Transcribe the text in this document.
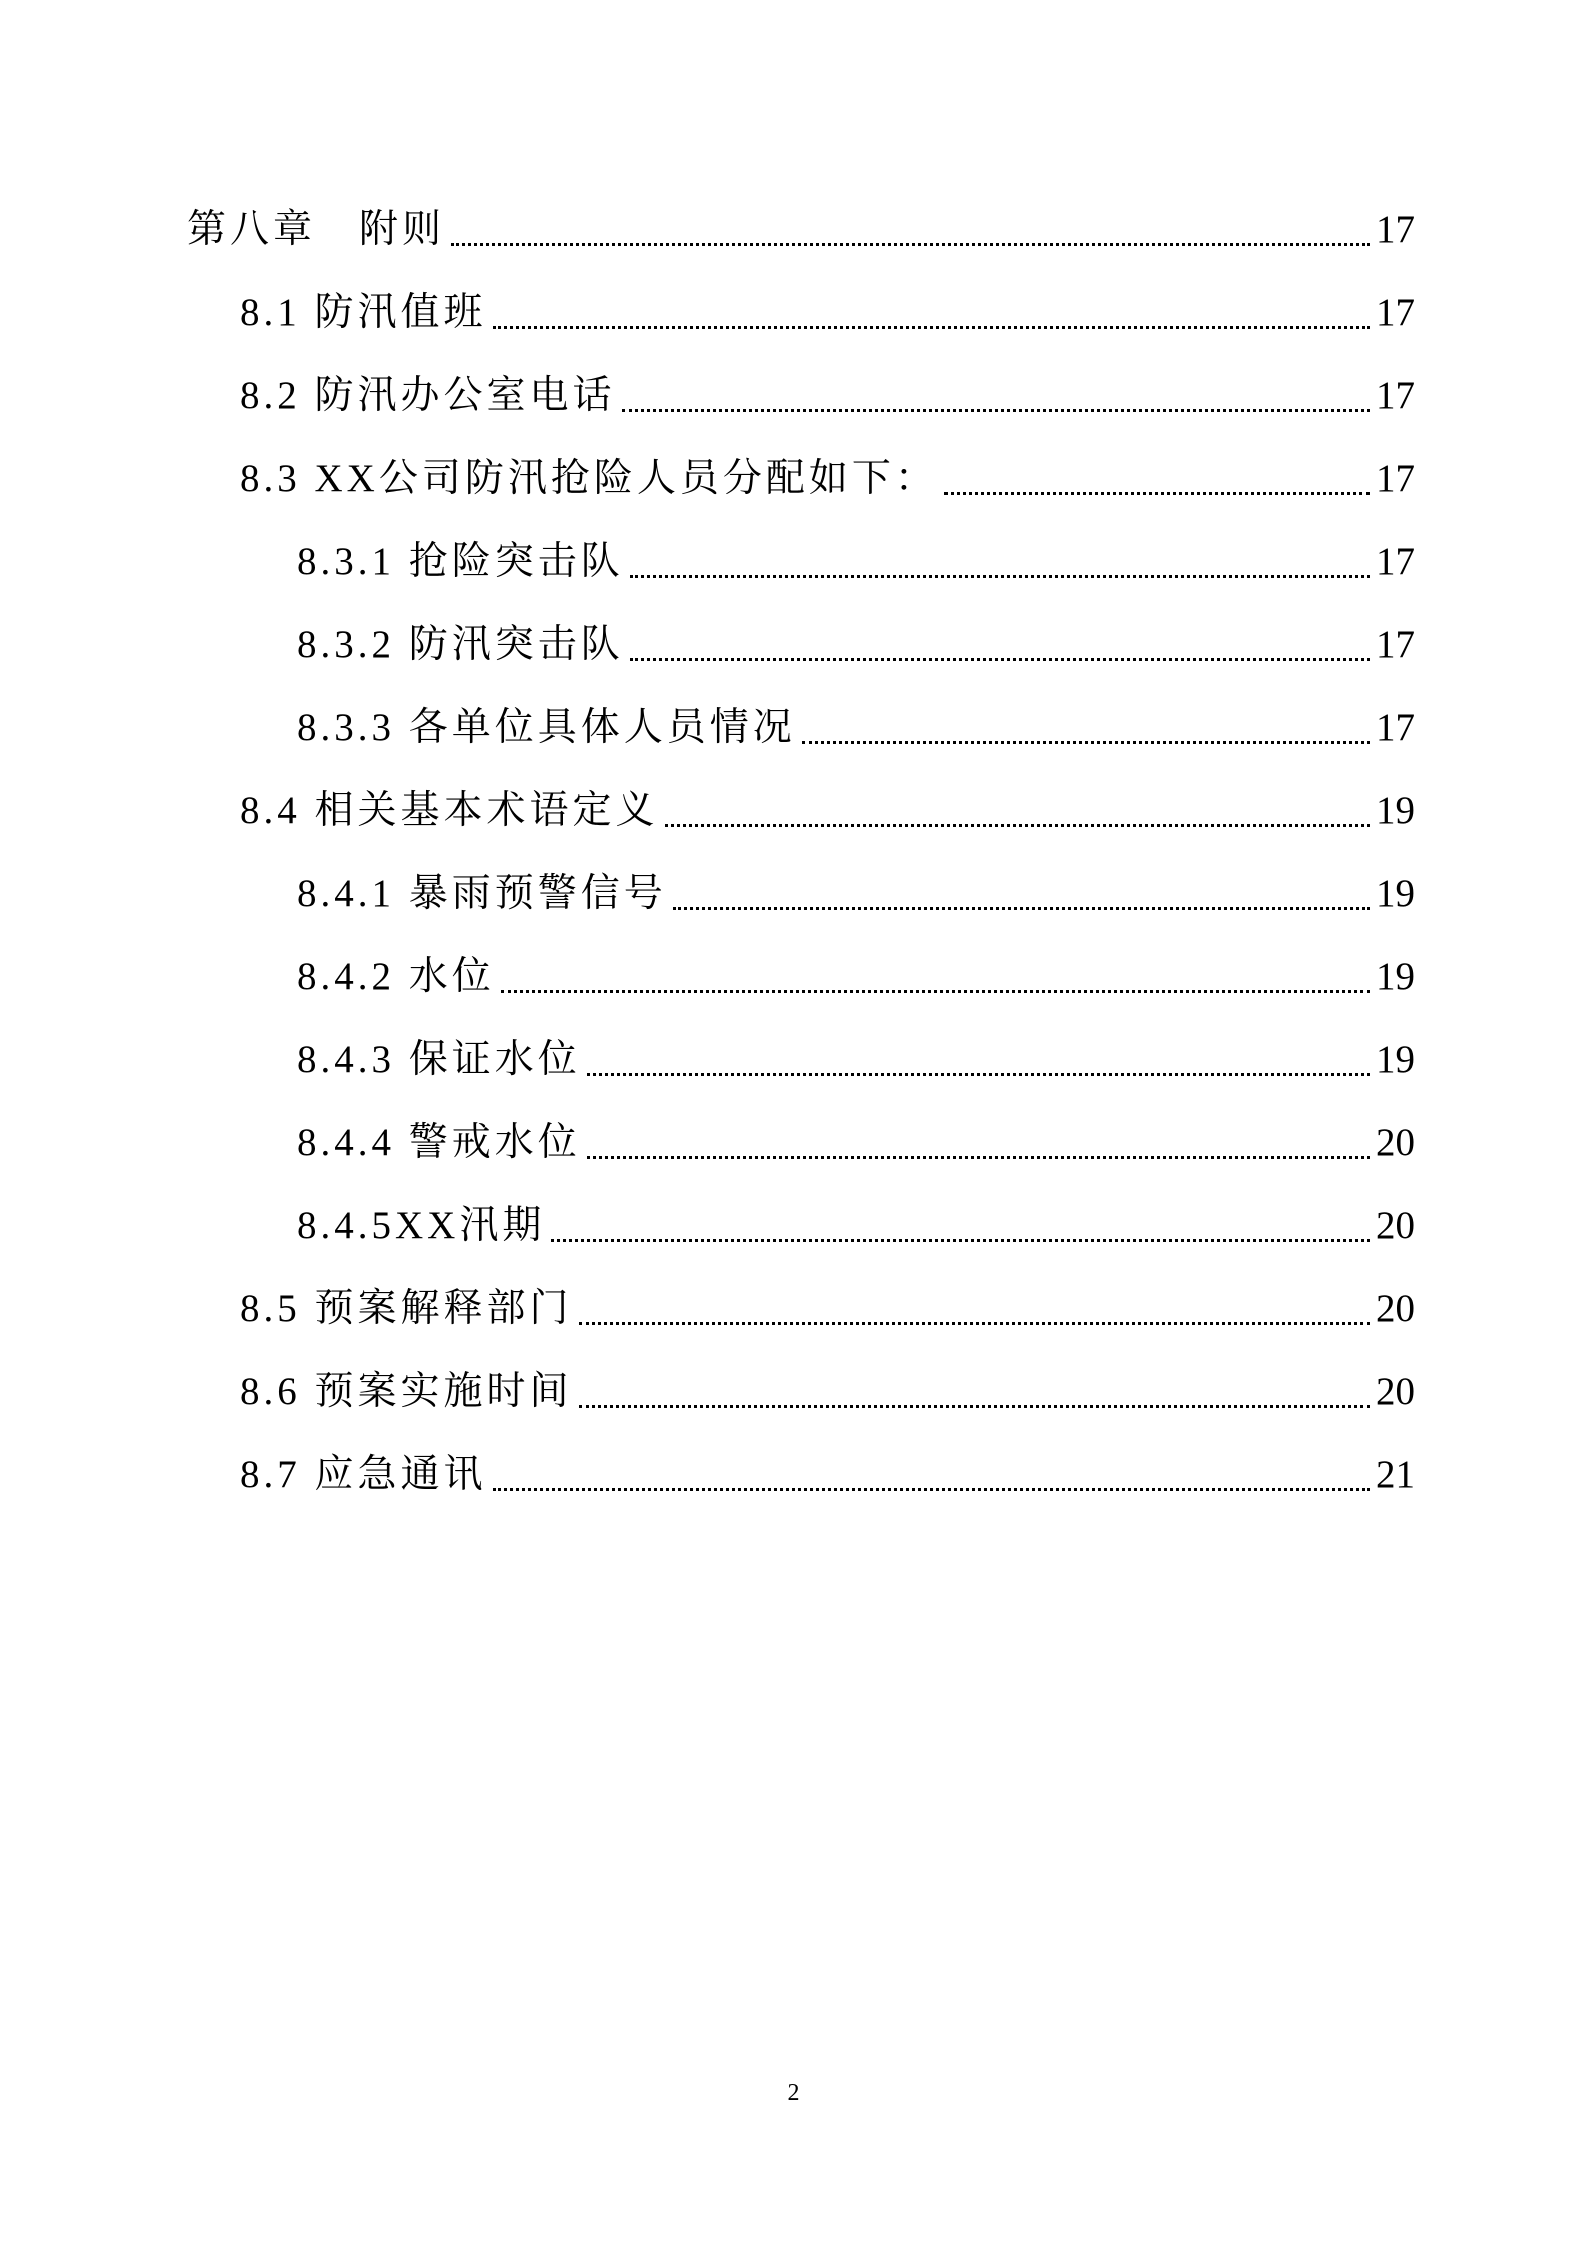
第八章　附则	17
8.1 防汛值班	17
8.2 防汛办公室电话	17
8.3 XX公司防汛抢险人员分配如下：	17
8.3.1 抢险突击队	17
8.3.2 防汛突击队	17
8.3.3 各单位具体人员情况	17
8.4 相关基本术语定义	19
8.4.1 暴雨预警信号	19
8.4.2 水位	19
8.4.3 保证水位	19
8.4.4 警戒水位	20
8.4.5XX汛期	20
8.5 预案解释部门	20
8.6 预案实施时间	20
8.7 应急通讯	21
2
